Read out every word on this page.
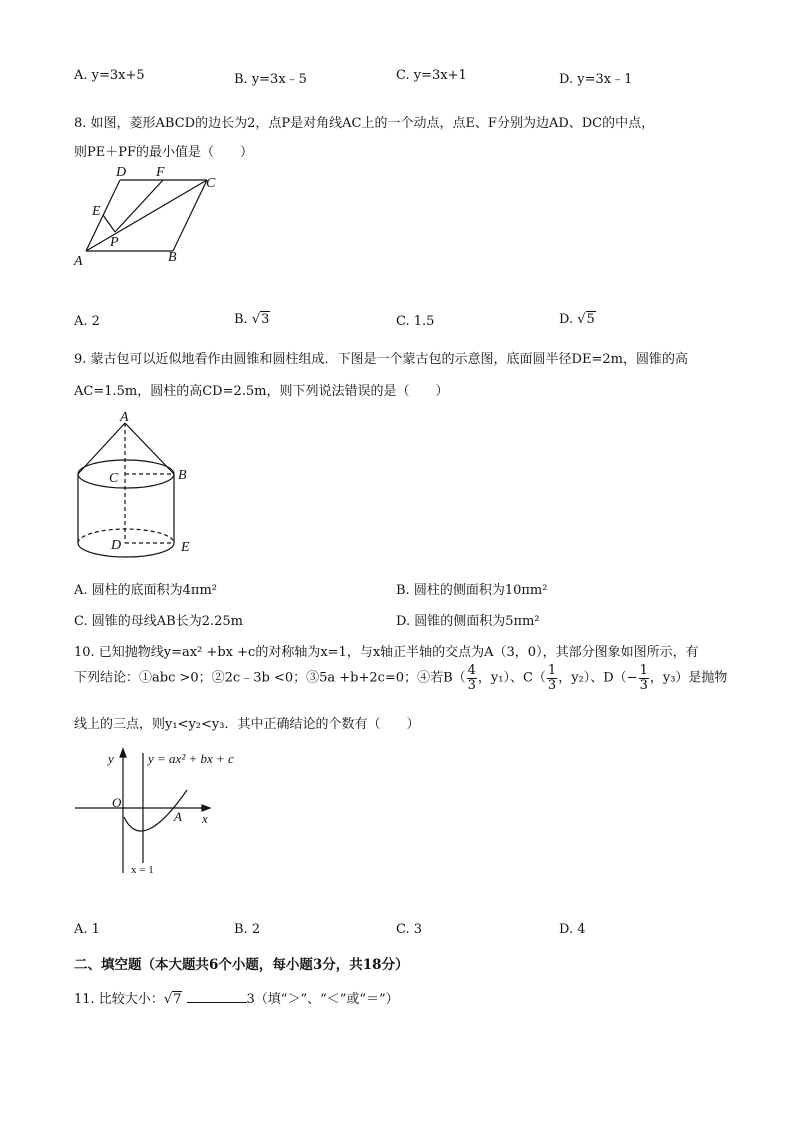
A. y=3x+5	B. y=3x﹣5	C. y=3x+1	D. y=3x﹣1
8. 如图，菱形ABCD的边长为2，点P是对角线AC上的一个动点，点E、F分别为边AD、DC的中点，
则PE＋PF的最小值是（　　）
A	B
C
D
E
F
P
A. 2	B. √3	C. 1.5	D. √5
9. 蒙古包可以近似地看作由圆锥和圆柱组成．下图是一个蒙古包的示意图，底面圆半径DE=2m，圆锥的高
AC=1.5m，圆柱的高CD=2.5m，则下列说法错误的是（　　）
A
B
C
D	E
A. 圆柱的底面积为4πm²	B. 圆柱的侧面积为10πm²
C. 圆锥的母线AB长为2.25m	D. 圆锥的侧面积为5πm²
10. 已知抛物线y=ax² +bx +c的对称轴为x=1，与x轴正半轴的交点为A（3，0），其部分图象如图所示，有
下列结论：①abc >0；②2c﹣3b <0；③5a +b+2c=0；④若$B( \frac{4}{3}$ ，y₁）、$C( \frac{1}{3}$ ，y₂）、$D(- \frac{1}{3}$ ，y₃）是抛物
线上的三点，则y₁<y₂<y₃．其中正确结论的个数有（　　）
y
x
O
A
y = ax² + bx + c
x = 1
A. 1	B. 2	C. 3	D. 4
二、填空题（本大题共6个小题，每小题3分，共18分）
11. 比较大小：√7	3（填“＞”、“＜”或“＝”）
